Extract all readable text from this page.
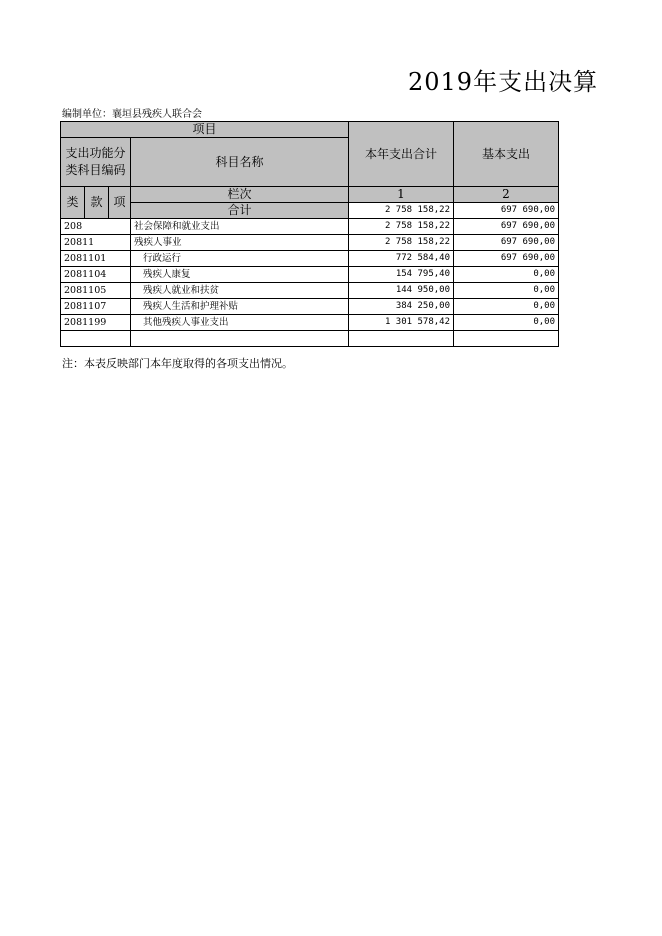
2019年支出决算
编制单位：襄垣县残疾人联合会
项目				本年支出合计	基本支出
支出功能分类科目编码			科目名称		
类	款	项	栏次	1	2
			合计	2 758 158,22	697 690,00
208			社会保障和就业支出	2 758 158,22	697 690,00
20811			残疾人事业	2 758 158,22	697 690,00
2081101			行政运行	772 584,40	697 690,00
2081104			残疾人康复	154 795,40	0,00
2081105			残疾人就业和扶贫	144 950,00	0,00
2081107			残疾人生活和护理补贴	384 250,00	0,00
2081199			其他残疾人事业支出	1 301 578,42	0,00

注：本表反映部门本年度取得的各项支出情况。
